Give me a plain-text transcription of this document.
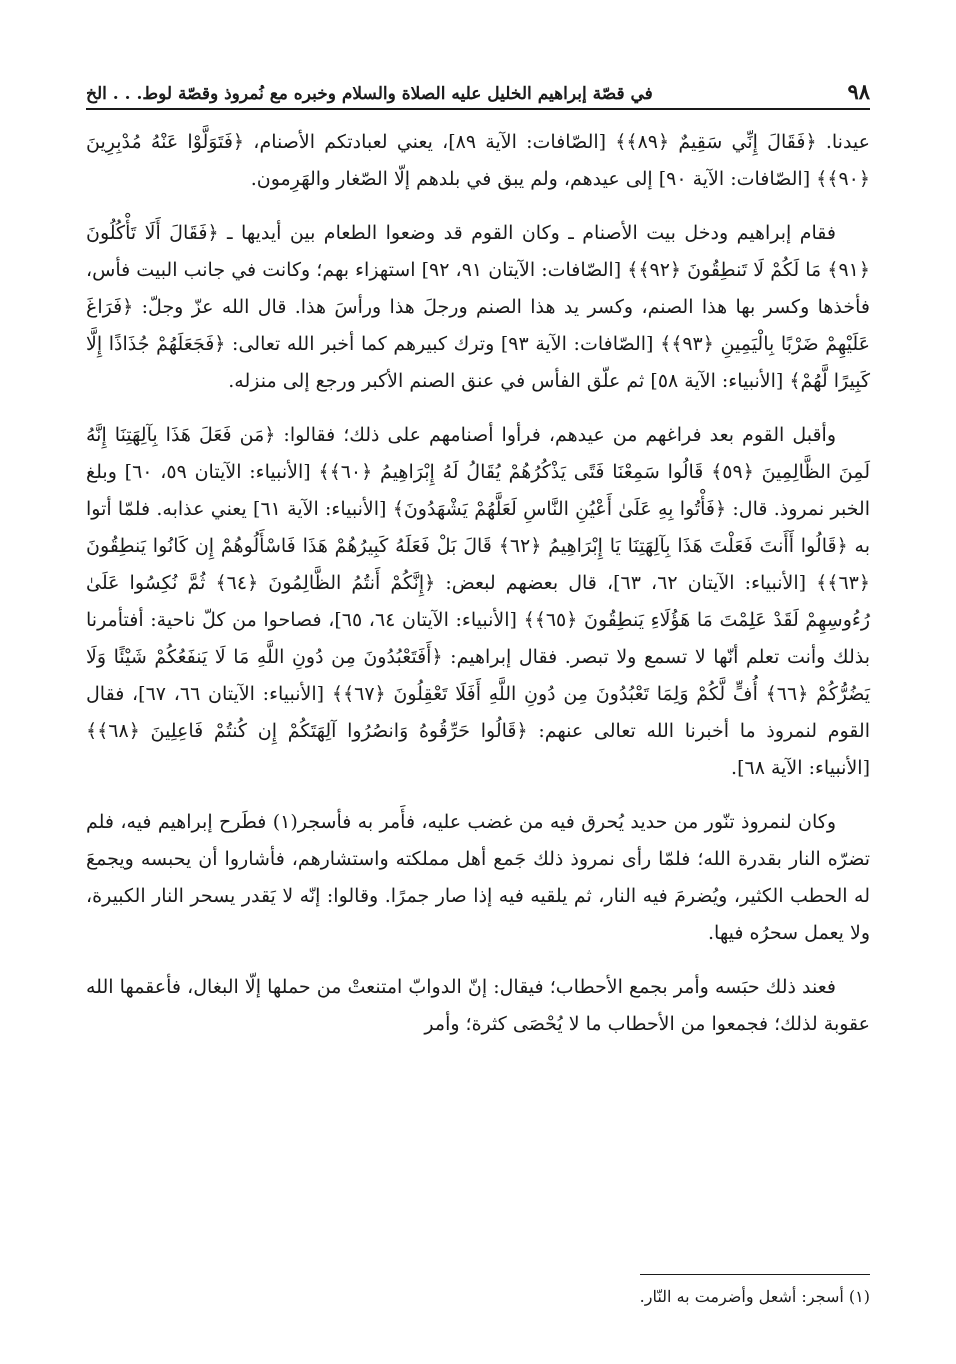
٩٨
في قصّة إبراهيم الخليل عليه الصلاة والسلام وخبره مع نُمروذ وقصّة لوط. . . الخ

عيدنا. ﴿فَقَالَ إِنِّي سَقِيمٌ ﴿٨٩﴾﴾ [الصّافات: الآية ٨٩]، يعني لعبادتكم الأصنام، ﴿فَتَوَلَّوْا عَنْهُ مُدْبِرِينَ ﴿٩٠﴾﴾ [الصّافات: الآية ٩٠] إلى عيدهم، ولم يبق في بلدهم إلّا الصّغار والهَرِمون.

فقام إبراهيم ودخل بيت الأصنام ـ وكان القوم قد وضعوا الطعام بين أيديها ـ ﴿فَقَالَ أَلَا تَأْكُلُونَ ﴿٩١﴾ مَا لَكُمْ لَا تَنطِقُونَ ﴿٩٢﴾﴾ [الصّافات: الآيتان ٩١، ٩٢] استهزاء بهم؛ وكانت في جانب البيت فأس، فأخذها وكسر بها هذا الصنم، وكسر يد هذا الصنم ورجلَ هذا ورأسَ هذا. قال الله عزّ وجلّ: ﴿فَرَاغَ عَلَيْهِمْ ضَرْبًا بِالْيَمِينِ ﴿٩٣﴾﴾ [الصّافات: الآية ٩٣] وترك كبيرهم كما أخبر الله تعالى: ﴿فَجَعَلَهُمْ جُذَاذًا إِلَّا كَبِيرًا لَّهُمْ﴾ [الأنبياء: الآية ٥٨] ثم علّق الفأس في عنق الصنم الأكبر ورجع إلى منزله.

وأقبل القوم بعد فراغهم من عيدهم، فرأوا أصنامهم على ذلك؛ فقالوا: ﴿مَن فَعَلَ هَذَا بِآلِهَتِنَا إِنَّهُ لَمِنَ الظَّالِمِينَ ﴿٥٩﴾ قَالُوا سَمِعْنَا فَتًى يَذْكُرُهُمْ يُقَالُ لَهُ إِبْرَاهِيمُ ﴿٦٠﴾﴾ [الأنبياء: الآيتان ٥٩، ٦٠] وبلغ الخبر نمروذ. قال: ﴿فَأْتُوا بِهِ عَلَىٰ أَعْيُنِ النَّاسِ لَعَلَّهُمْ يَشْهَدُونَ﴾ [الأنبياء: الآية ٦١] يعني عذابه. فلمّا أتوا به ﴿قَالُوا أَأَنتَ فَعَلْتَ هَذَا بِآلِهَتِنَا يَا إِبْرَاهِيمُ ﴿٦٢﴾ قَالَ بَلْ فَعَلَهُ كَبِيرُهُمْ هَذَا فَاسْأَلُوهُمْ إِن كَانُوا يَنطِقُونَ ﴿٦٣﴾﴾ [الأنبياء: الآيتان ٦٢، ٦٣]، قال بعضهم لبعض: ﴿إِنَّكُمْ أَنتُمُ الظَّالِمُونَ ﴿٦٤﴾ ثُمَّ نُكِسُوا عَلَىٰ رُءُوسِهِمْ لَقَدْ عَلِمْتَ مَا هَؤُلَاءِ يَنطِقُونَ ﴿٦٥﴾﴾ [الأنبياء: الآيتان ٦٤، ٦٥]، فصاحوا من كلّ ناحية: أفتأمرنا بذلك وأنت تعلم أنّها لا تسمع ولا تبصر. فقال إبراهيم: ﴿أَفَتَعْبُدُونَ مِن دُونِ اللَّهِ مَا لَا يَنفَعُكُمْ شَيْئًا وَلَا يَضُرُّكُمْ ﴿٦٦﴾ أُفٍّ لَّكُمْ وَلِمَا تَعْبُدُونَ مِن دُونِ اللَّهِ أَفَلَا تَعْقِلُونَ ﴿٦٧﴾﴾ [الأنبياء: الآيتان ٦٦، ٦٧]، فقال القوم لنمروذ ما أخبرنا الله تعالى عنهم: ﴿قَالُوا حَرِّقُوهُ وَانصُرُوا آلِهَتَكُمْ إِن كُنتُمْ فَاعِلِينَ ﴿٦٨﴾﴾ [الأنبياء: الآية ٦٨].

وكان لنمروذ تنّور من حديد يُحرق فيه من غضب عليه، فأَمر به فأسجر(١) فطَرح إبراهيم فيه، فلم تضرّه النار بقدرة الله؛ فلمّا رأى نمروذ ذلك جَمع أهل مملكته واستشارهم، فأشاروا أن يحبسه ويجمعَ له الحطب الكثير، ويُضرمَ فيه النار، ثم يلقيه فيه إذا صار جمرًا. وقالوا: إنّه لا يَقدر يسحر النار الكبيرة، ولا يعمل سحرُه فيها.

فعند ذلك حبَسه وأمر بجمع الأحطاب؛ فيقال: إنّ الدوابّ امتنعتْ من حملها إلّا البغال، فأعقمها الله عقوبة لذلك؛ فجمعوا من الأحطاب ما لا يُحْصَى كثرة؛ وأمر

(١) أسجر: أشعل وأضرمت به النّار.
